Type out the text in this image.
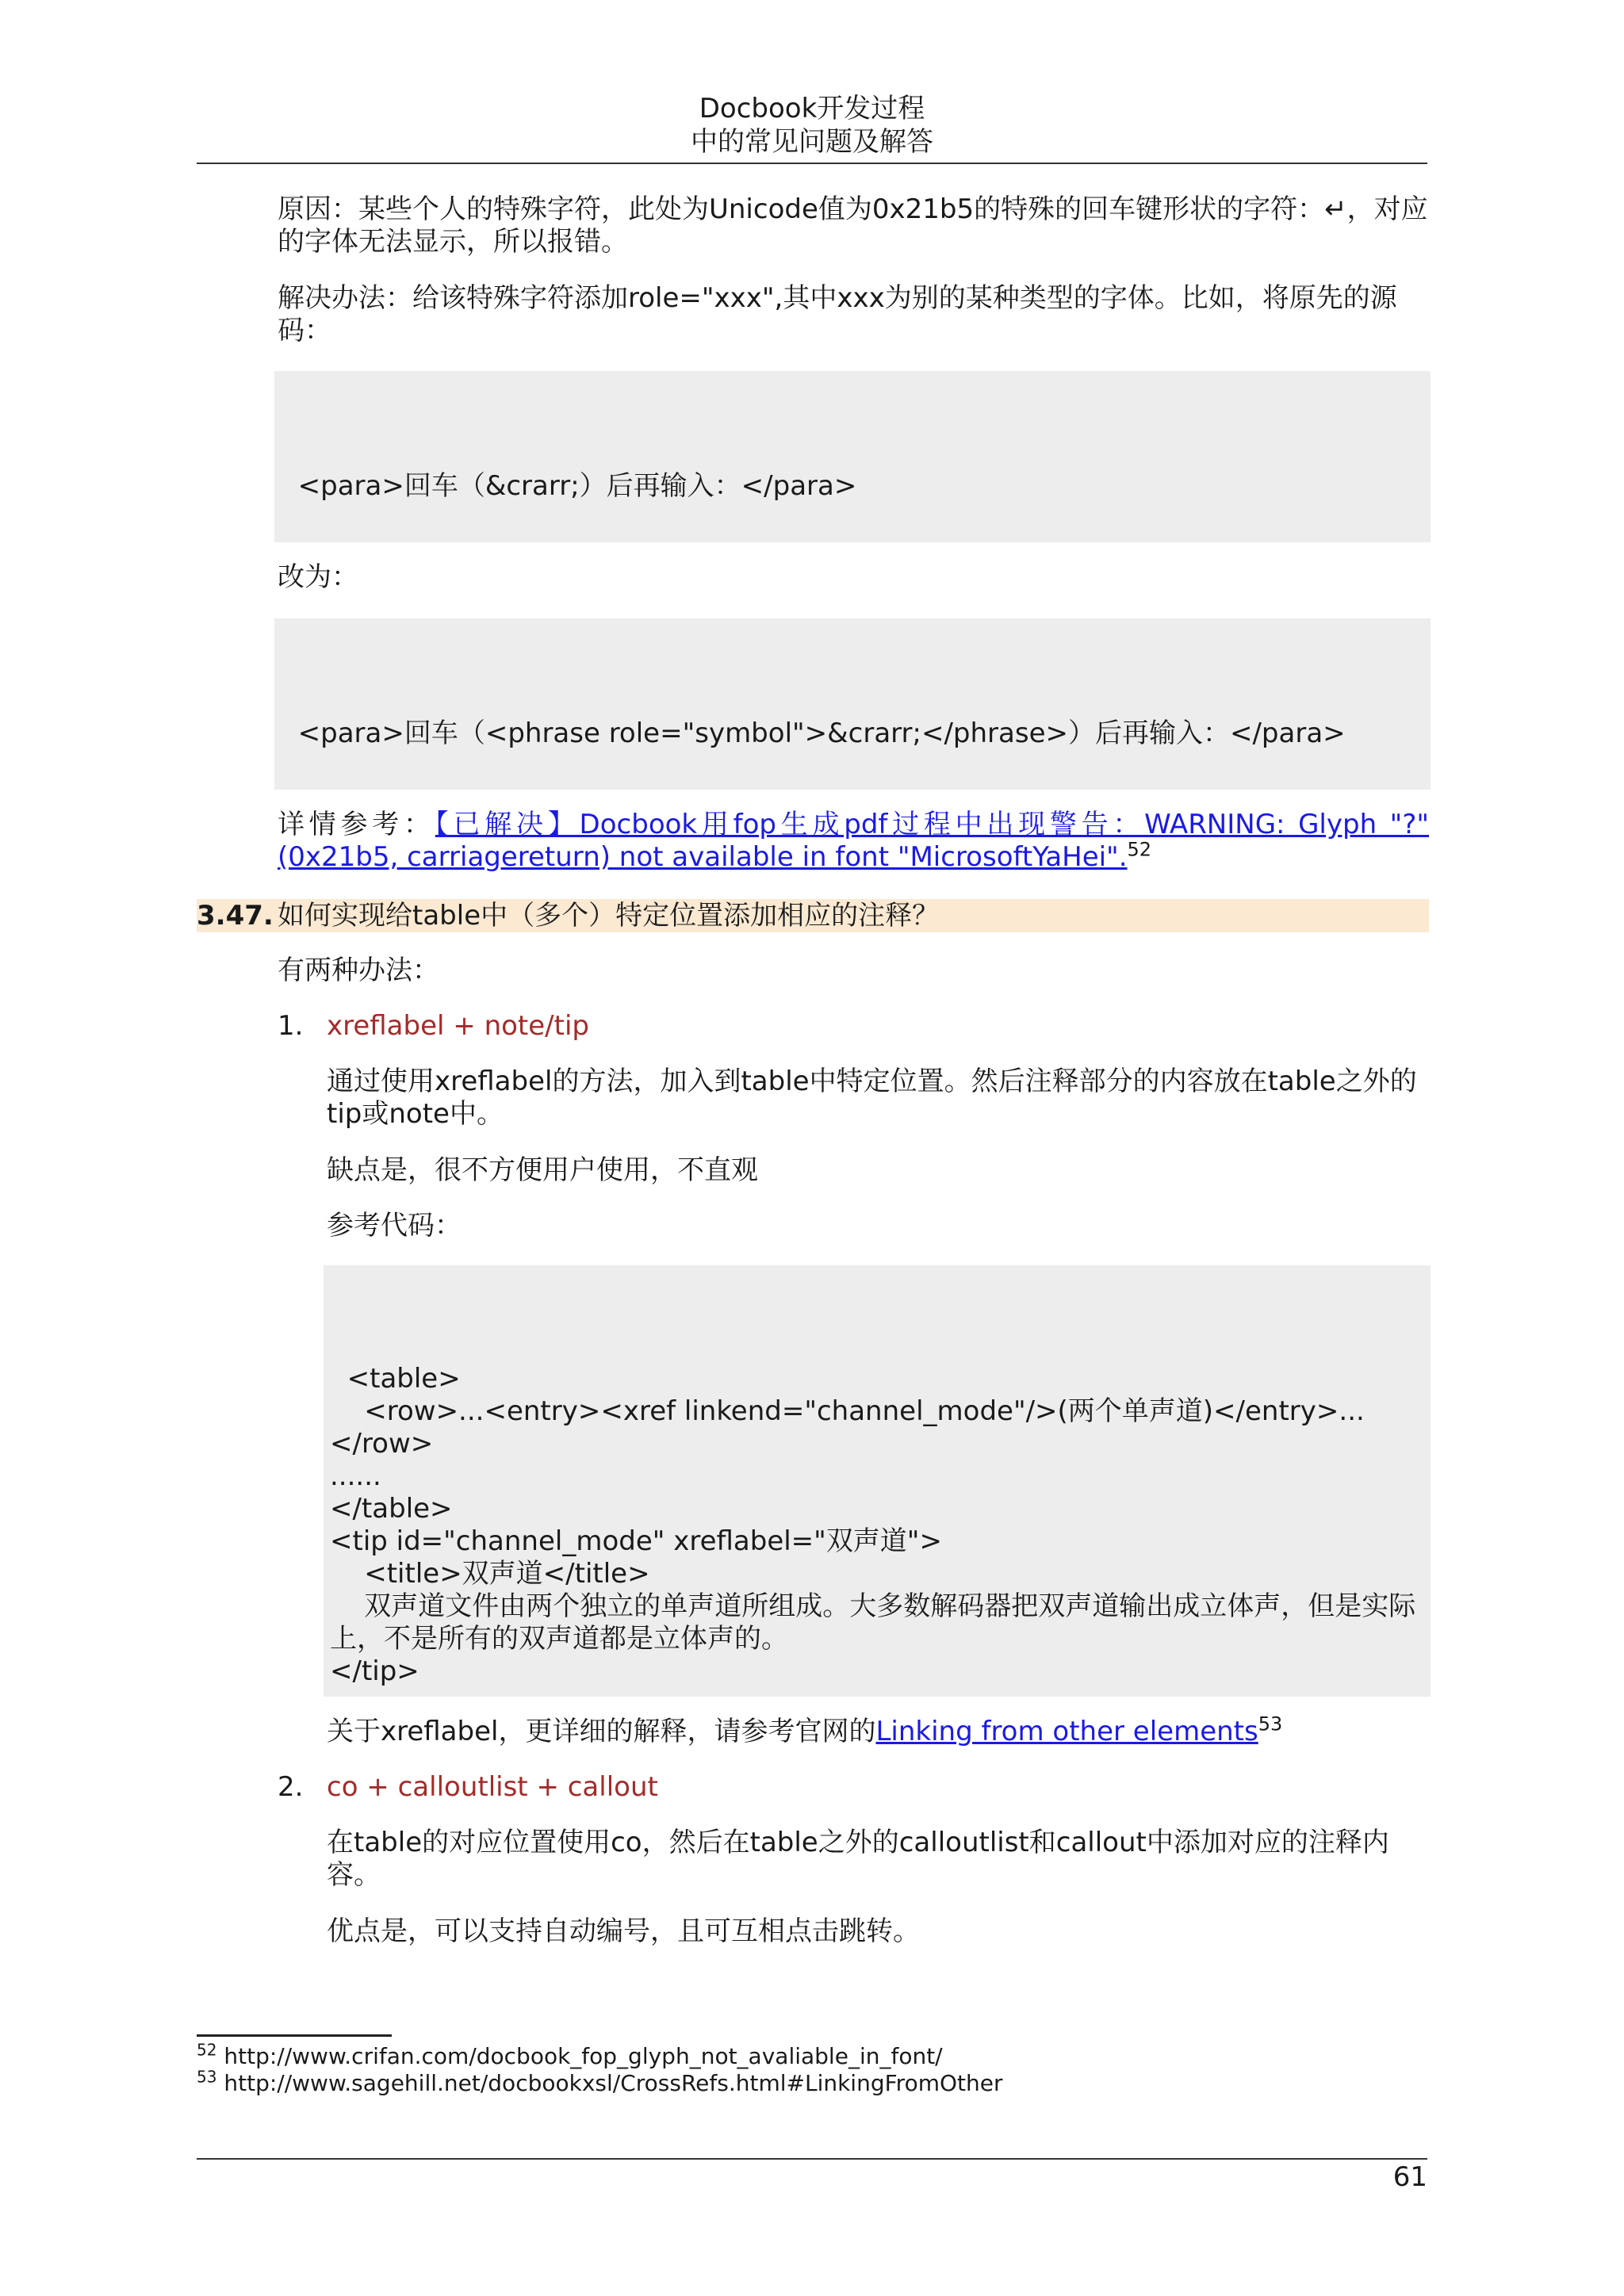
Docbook开发过程
中的常见问题及解答
原因：某些个人的特殊字符，此处为Unicode值为0x21b5的特殊的回车键形状的字符：↵，对应的字体无法显示，所以报错。
解决办法：给该特殊字符添加role="xxx",其中xxx为别的某种类型的字体。比如，将原先的源码：

<para>回车（&crarr;）后再输入：</para>

改为：

<para>回车（<phrase role="symbol">&crarr;</phrase>）后再输入：</para>

详情参考：【已解决】Docbook用fop生成pdf过程中出现警告：WARNING: Glyph "?" (0x21b5, carriagereturn) not available in font "MicrosoftYaHei".$^{52}$
3.47. 如何实现给table中（多个）特定位置添加相应的注释？
有两种办法：
1. xreflabel + note/tip
通过使用xreflabel的方法，加入到table中特定位置。然后注释部分的内容放在table之外的tip或note中。
缺点是，很不方便用户使用，不直观
参考代码：

<table>
<row>...<entry><xref linkend="channel_mode"/>(两个单声道)</entry>...</row>
......
</table>
<tip id="channel_mode" xreflabel="双声道">
<title>双声道</title>
双声道文件由两个独立的单声道所组成。大多数解码器把双声道输出成立体声，但是实际上，不是所有的双声道都是立体声的。
</tip>

关于xreflabel，更详细的解释，请参考官网的Linking from other elements$^{53}$
2. co + calloutlist + callout
在table的对应位置使用co，然后在table之外的calloutlist和callout中添加对应的注释内容。
优点是，可以支持自动编号，且可互相点击跳转。
$^{52}$ http://www.crifan.com/docbook_fop_glyph_not_avaliable_in_font/
$^{53}$ http://www.sagehill.net/docbookxsl/CrossRefs.html#LinkingFromOther
61
